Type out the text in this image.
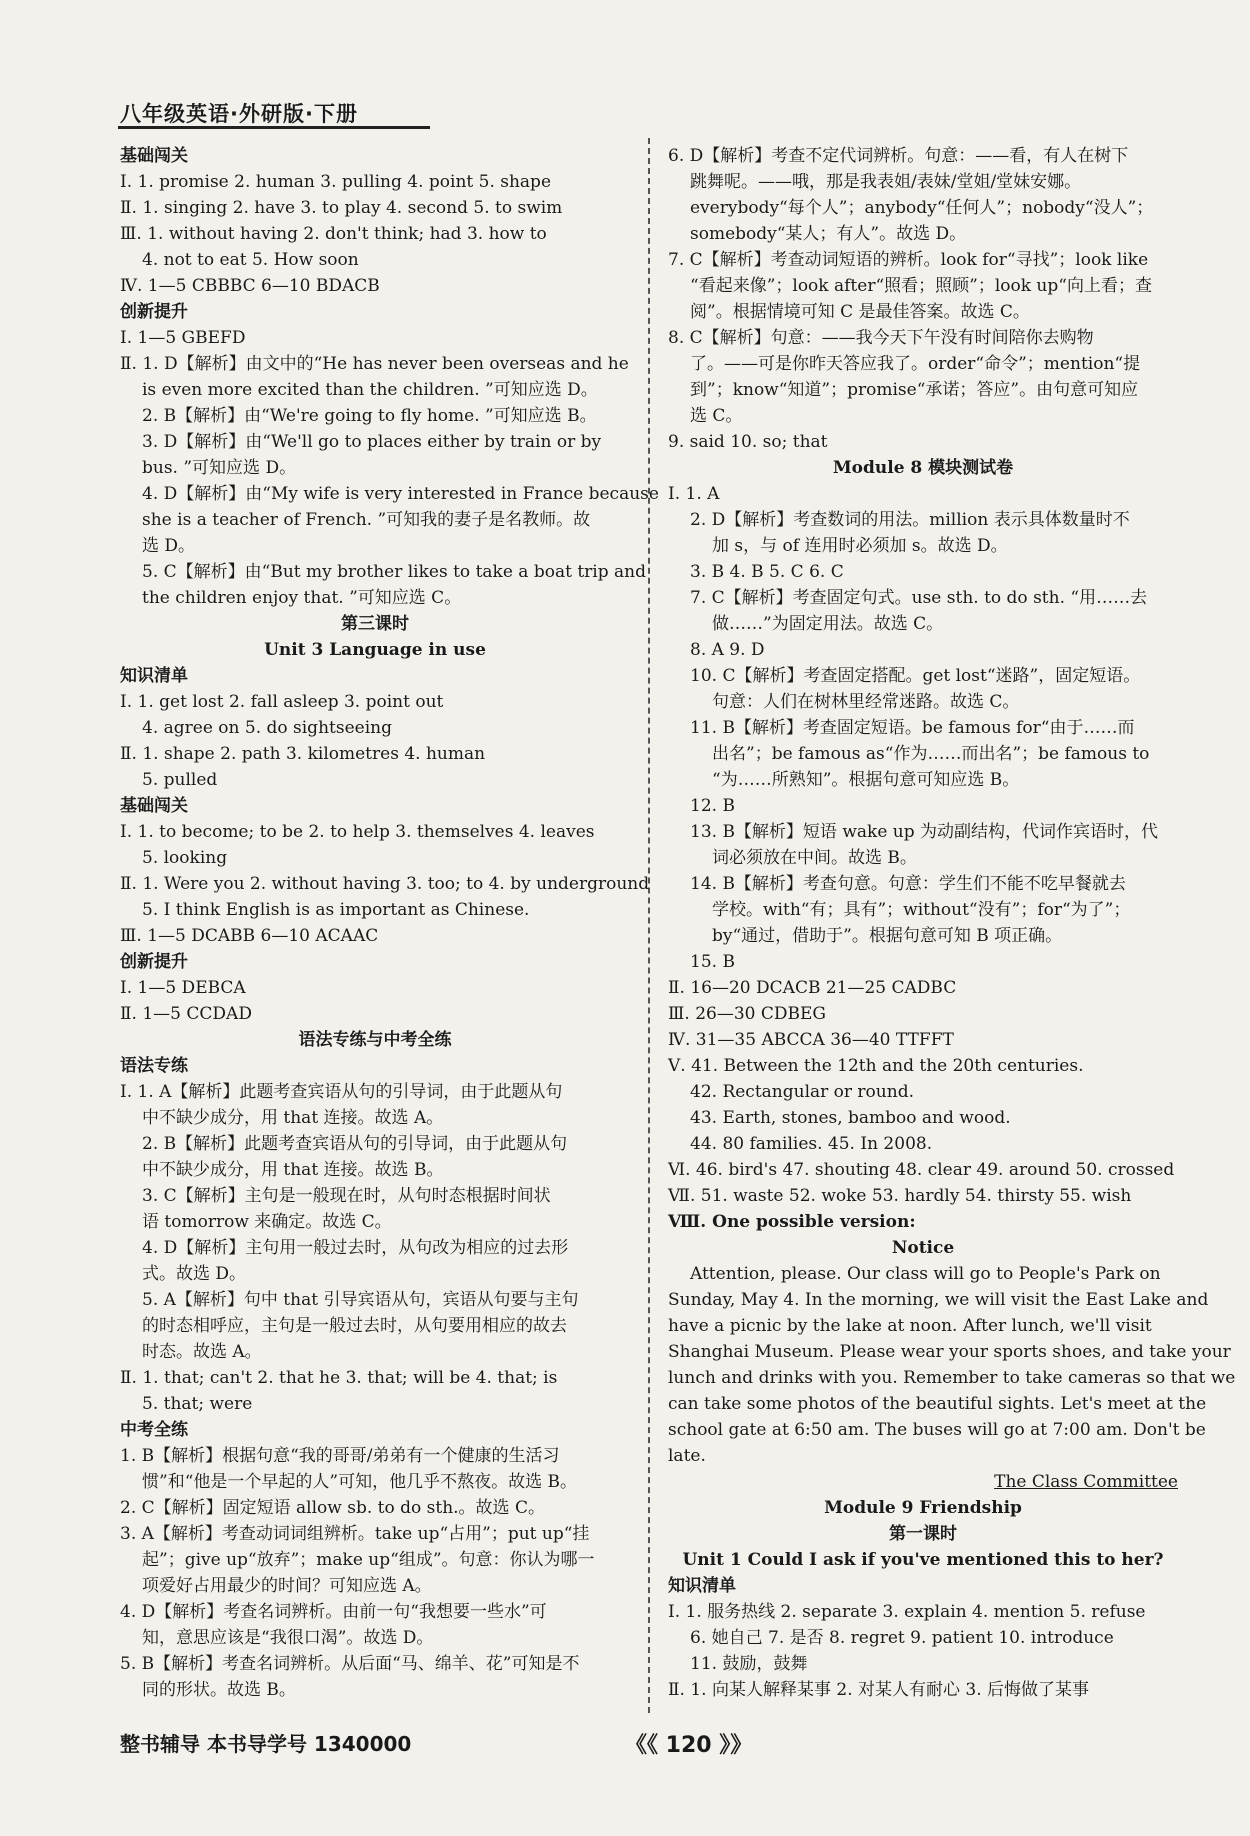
八年级英语·外研版·下册
基础闯关
Ⅰ. 1. promise 2. human 3. pulling 4. point 5. shape
Ⅱ. 1. singing 2. have 3. to play 4. second 5. to swim
Ⅲ. 1. without having 2. don't think; had 3. how to
4. not to eat 5. How soon
Ⅳ. 1—5 CBBBC 6—10 BDACB
创新提升
Ⅰ. 1—5 GBEFD
Ⅱ. 1. D【解析】由文中的“He has never been overseas and he
is even more excited than the children. ”可知应选 D。
2. B【解析】由“We're going to fly home. ”可知应选 B。
3. D【解析】由“We'll go to places either by train or by
bus. ”可知应选 D。
4. D【解析】由“My wife is very interested in France because
she is a teacher of French. ”可知我的妻子是名教师。故
选 D。
5. C【解析】由“But my brother likes to take a boat trip and
the children enjoy that. ”可知应选 C。
第三课时
Unit 3 Language in use
知识清单
Ⅰ. 1. get lost 2. fall asleep 3. point out
4. agree on 5. do sightseeing
Ⅱ. 1. shape 2. path 3. kilometres 4. human
5. pulled
基础闯关
Ⅰ. 1. to become; to be 2. to help 3. themselves 4. leaves
5. looking
Ⅱ. 1. Were you 2. without having 3. too; to 4. by underground
5. I think English is as important as Chinese.
Ⅲ. 1—5 DCABB 6—10 ACAAC
创新提升
Ⅰ. 1—5 DEBCA
Ⅱ. 1—5 CCDAD
语法专练与中考全练
语法专练
Ⅰ. 1. A【解析】此题考查宾语从句的引导词，由于此题从句
中不缺少成分，用 that 连接。故选 A。
2. B【解析】此题考查宾语从句的引导词，由于此题从句
中不缺少成分，用 that 连接。故选 B。
3. C【解析】主句是一般现在时，从句时态根据时间状
语 tomorrow 来确定。故选 C。
4. D【解析】主句用一般过去时，从句改为相应的过去形
式。故选 D。
5. A【解析】句中 that 引导宾语从句，宾语从句要与主句
的时态相呼应，主句是一般过去时，从句要用相应的故去
时态。故选 A。
Ⅱ. 1. that; can't 2. that he 3. that; will be 4. that; is
5. that; were
中考全练
1. B【解析】根据句意“我的哥哥/弟弟有一个健康的生活习
惯”和“他是一个早起的人”可知，他几乎不熬夜。故选 B。
2. C【解析】固定短语 allow sb. to do sth.。故选 C。
3. A【解析】考查动词词组辨析。take up“占用”；put up“挂
起”；give up“放弃”；make up“组成”。句意：你认为哪一
项爱好占用最少的时间？可知应选 A。
4. D【解析】考查名词辨析。由前一句“我想要一些水”可
知，意思应该是“我很口渴”。故选 D。
5. B【解析】考查名词辨析。从后面“马、绵羊、花”可知是不
同的形状。故选 B。
6. D【解析】考查不定代词辨析。句意：——看，有人在树下
跳舞呢。——哦，那是我表姐/表妹/堂姐/堂妹安娜。
everybody“每个人”；anybody“任何人”；nobody“没人”；
somebody“某人；有人”。故选 D。
7. C【解析】考查动词短语的辨析。look for“寻找”；look like
“看起来像”；look after“照看；照顾”；look up“向上看；查
阅”。根据情境可知 C 是最佳答案。故选 C。
8. C【解析】句意：——我今天下午没有时间陪你去购物
了。——可是你昨天答应我了。order“命令”；mention“提
到”；know“知道”；promise“承诺；答应”。由句意可知应
选 C。
9. said 10. so; that
Module 8 模块测试卷
Ⅰ. 1. A
2. D【解析】考查数词的用法。million 表示具体数量时不
加 s，与 of 连用时必须加 s。故选 D。
3. B 4. B 5. C 6. C
7. C【解析】考查固定句式。use sth. to do sth. “用……去
做……”为固定用法。故选 C。
8. A 9. D
10. C【解析】考查固定搭配。get lost“迷路”，固定短语。
句意：人们在树林里经常迷路。故选 C。
11. B【解析】考查固定短语。be famous for“由于……而
出名”；be famous as“作为……而出名”；be famous to
“为……所熟知”。根据句意可知应选 B。
12. B
13. B【解析】短语 wake up 为动副结构，代词作宾语时，代
词必须放在中间。故选 B。
14. B【解析】考查句意。句意：学生们不能不吃早餐就去
学校。with“有；具有”；without“没有”；for“为了”；
by“通过，借助于”。根据句意可知 B 项正确。
15. B
Ⅱ. 16—20 DCACB 21—25 CADBC
Ⅲ. 26—30 CDBEG
Ⅳ. 31—35 ABCCA 36—40 TTFFT
Ⅴ. 41. Between the 12th and the 20th centuries.
42. Rectangular or round.
43. Earth, stones, bamboo and wood.
44. 80 families. 45. In 2008.
Ⅵ. 46. bird's 47. shouting 48. clear 49. around 50. crossed
Ⅶ. 51. waste 52. woke 53. hardly 54. thirsty 55. wish
Ⅷ. One possible version:
Notice
Attention, please. Our class will go to People's Park on
Sunday, May 4. In the morning, we will visit the East Lake and
have a picnic by the lake at noon. After lunch, we'll visit
Shanghai Museum. Please wear your sports shoes, and take your
lunch and drinks with you. Remember to take cameras so that we
can take some photos of the beautiful sights. Let's meet at the
school gate at 6:50 am. The buses will go at 7:00 am. Don't be
late.
The Class Committee
Module 9 Friendship
第一课时
Unit 1 Could I ask if you've mentioned this to her?
知识清单
Ⅰ. 1. 服务热线 2. separate 3. explain 4. mention 5. refuse
6. 她自己 7. 是否 8. regret 9. patient 10. introduce
11. 鼓励，鼓舞
Ⅱ. 1. 向某人解释某事 2. 对某人有耐心 3. 后悔做了某事
整书辅导 本书导学号 1340000	《《 120 》》
